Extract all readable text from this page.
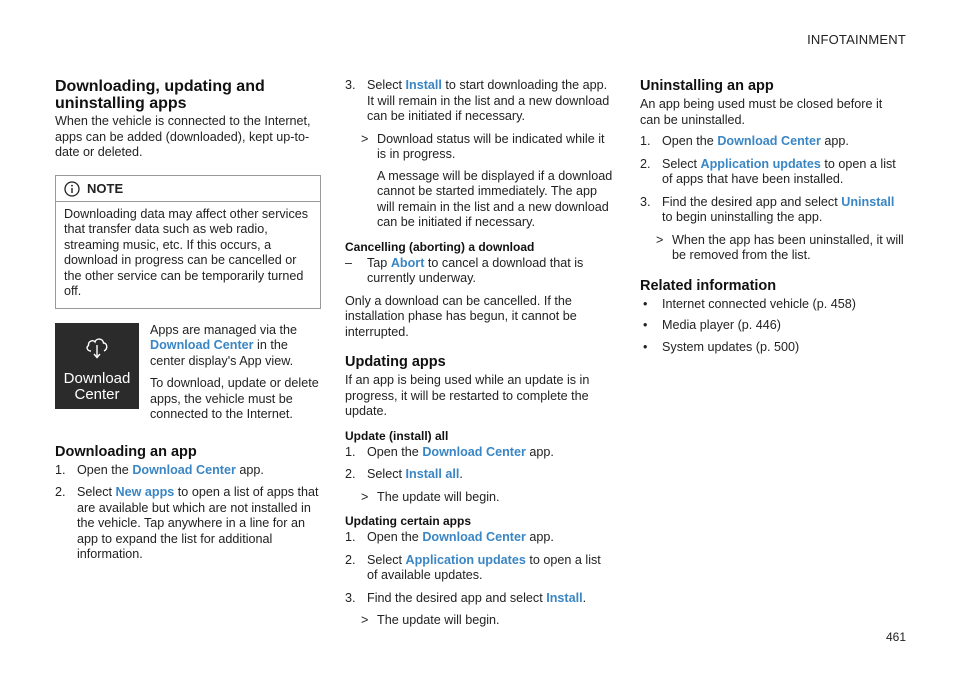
INFOTAINMENT
Downloading, updating and
uninstalling apps

When the vehicle is connected to the Internet, apps can be added (downloaded), kept up-to-date or deleted.

NOTE
Downloading data may affect other services that transfer data such as web radio, streaming music, etc. If this occurs, a download in progress can be cancelled or the other service can be temporarily turned off.
Download
Center

Apps are managed via the Download Center in the center display's App view.

To download, update or delete apps, the vehicle must be connected to the Internet.

Downloading an app
1. Open the Download Center app.
2. Select New apps to open a list of apps that are available but which are not installed in the vehicle. Tap anywhere in a line for an app to expand the list for additional information.
3. Select Install to start downloading the app. It will remain in the list and a new download can be initiated if necessary.
> Download status will be indicated while it is in progress.

A message will be displayed if a download cannot be started immediately. The app will remain in the list and a new download can be initiated if necessary.

Cancelling (aborting) a download
– Tap Abort to cancel a download that is currently underway.

Only a download can be cancelled. If the installation phase has begun, it cannot be interrupted.

Updating apps

If an app is being used while an update is in progress, it will be restarted to complete the update.

Update (install) all
1. Open the Download Center app.
2. Select Install all.
> The update will begin.
Updating certain apps
1. Open the Download Center app.
2. Select Application updates to open a list of available updates.
3. Find the desired app and select Install.
> The update will begin.
Uninstalling an app

An app being used must be closed before it can be uninstalled.

1. Open the Download Center app.
2. Select Application updates to open a list of apps that have been installed.
3. Find the desired app and select Uninstall to begin uninstalling the app.
> When the app has been uninstalled, it will be removed from the list.
Related information
• Internet connected vehicle (p. 458)
• Media player (p. 446)
• System updates (p. 500)
461
